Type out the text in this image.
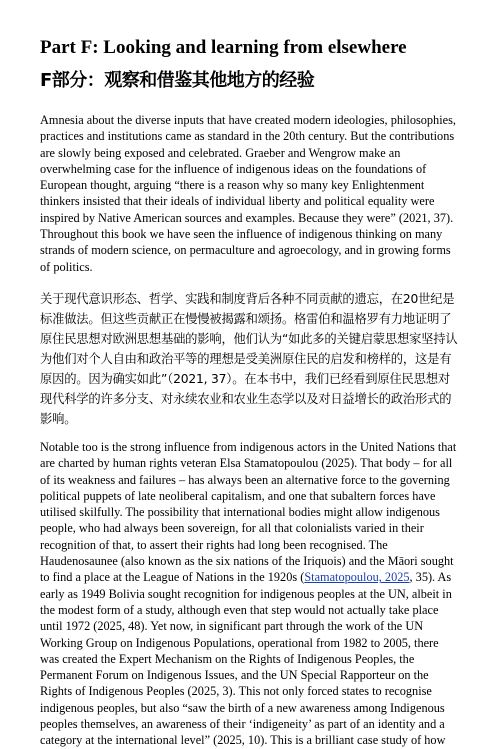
Part F: Looking and learning from elsewhere
F部分：观察和借鉴其他地方的经验

Amnesia about the diverse inputs that have created modern ideologies, philosophies, practices and institutions came as standard in the 20th century. But the contributions are slowly being exposed and celebrated. Graeber and Wengrow make an overwhelming case for the influence of indigenous ideas on the foundations of European thought, arguing “there is a reason why so many key Enlightenment thinkers insisted that their ideals of individual liberty and political equality were inspired by Native American sources and examples. Because they were” (2021, 37). Throughout this book we have seen the influence of indigenous thinking on many strands of modern science, on permaculture and agroecology, and in growing forms of politics.

关于现代意识形态、哲学、实践和制度背后各种不同贡献的遗忘，在20世纪是标准做法。但这些贡献正在慢慢被揭露和颂扬。格雷伯和温格罗有力地证明了原住民思想对欧洲思想基础的影响，他们认为“如此多的关键启蒙思想家坚持认为他们对个人自由和政治平等的理想是受美洲原住民的启发和榜样的，这是有原因的。因为确实如此”（2021, 37）。在本书中，我们已经看到原住民思想对现代科学的许多分支、对永续农业和农业生态学以及对日益增长的政治形式的影响。

Notable too is the strong influence from indigenous actors in the United Nations that are charted by human rights veteran Elsa Stamatopoulou (2025). That body – for all of its weakness and failures – has always been an alternative force to the governing political puppets of late neoliberal capitalism, and one that subaltern forces have utilised skilfully. The possibility that international bodies might allow indigenous people, who had always been sovereign, for all that colonialists varied in their recognition of that, to assert their rights had long been recognised. The Haudenosaunee (also known as the six nations of the Iriquois) and the Māori sought to find a place at the League of Nations in the 1920s (Stamatopoulou, 2025, 35). As early as 1949 Bolivia sought recognition for indigenous peoples at the UN, albeit in the modest form of a study, although even that step would not actually take place until 1972 (2025, 48). Yet now, in significant part through the work of the UN Working Group on Indigenous Populations, operational from 1982 to 2005, there was created the Expert Mechanism on the Rights of Indigenous Peoples, the Permanent Forum on Indigenous Issues, and the UN Special Rapporteur on the Rights of Indigenous Peoples (2025, 3). This not only forced states to recognise indigenous peoples, but also “saw the birth of a new awareness among Indigenous peoples themselves, an awareness of their ‘indigeneity’ as part of an identity and a category at the international level” (2025, 10). This is a brilliant case study of how
